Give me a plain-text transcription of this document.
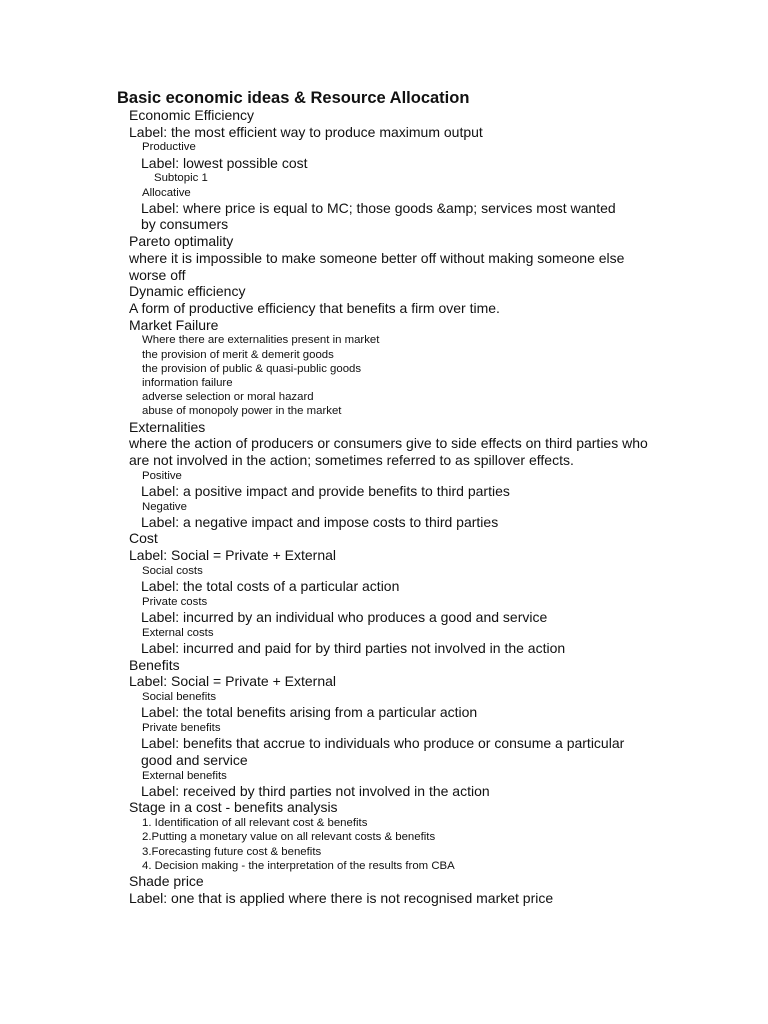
Basic economic ideas & Resource Allocation
Economic Efficiency
Label: the most efficient way to produce maximum output
Productive
Label: lowest possible cost
Subtopic 1
Allocative
Label: where price is equal to MC; those goods &amp; services most wanted by consumers
Pareto optimality
where it is impossible to make someone better off without making someone else worse off
Dynamic efficiency
A form of productive efficiency that benefits a firm over time.
Market Failure
Where there are externalities present in market
the provision of merit & demerit goods
the provision of public & quasi-public goods
information failure
adverse selection or moral hazard
abuse of monopoly power in the market
Externalities
where the action of producers or consumers give to side effects on third parties who are not involved in the action; sometimes referred to as spillover effects.
Positive
Label: a positive impact and provide benefits to third parties
Negative
Label: a negative impact and impose costs to third parties
Cost
Label: Social = Private + External
Social costs
Label: the total costs of a particular action
Private costs
Label: incurred by an individual who produces a good and service
External costs
Label: incurred and paid for by third parties not involved in the action
Benefits
Label: Social = Private + External
Social benefits
Label: the total benefits arising from a particular action
Private benefits
Label: benefits that accrue to individuals who produce or consume a particular good and service
External benefits
Label: received by third parties not involved in the action
Stage in a cost - benefits analysis
1. Identification of all relevant cost & benefits
2.Putting a monetary value on all relevant costs & benefits
3.Forecasting future cost & benefits
4. Decision making - the interpretation of the results from CBA
Shade price
Label: one that is applied where there is not recognised market price
